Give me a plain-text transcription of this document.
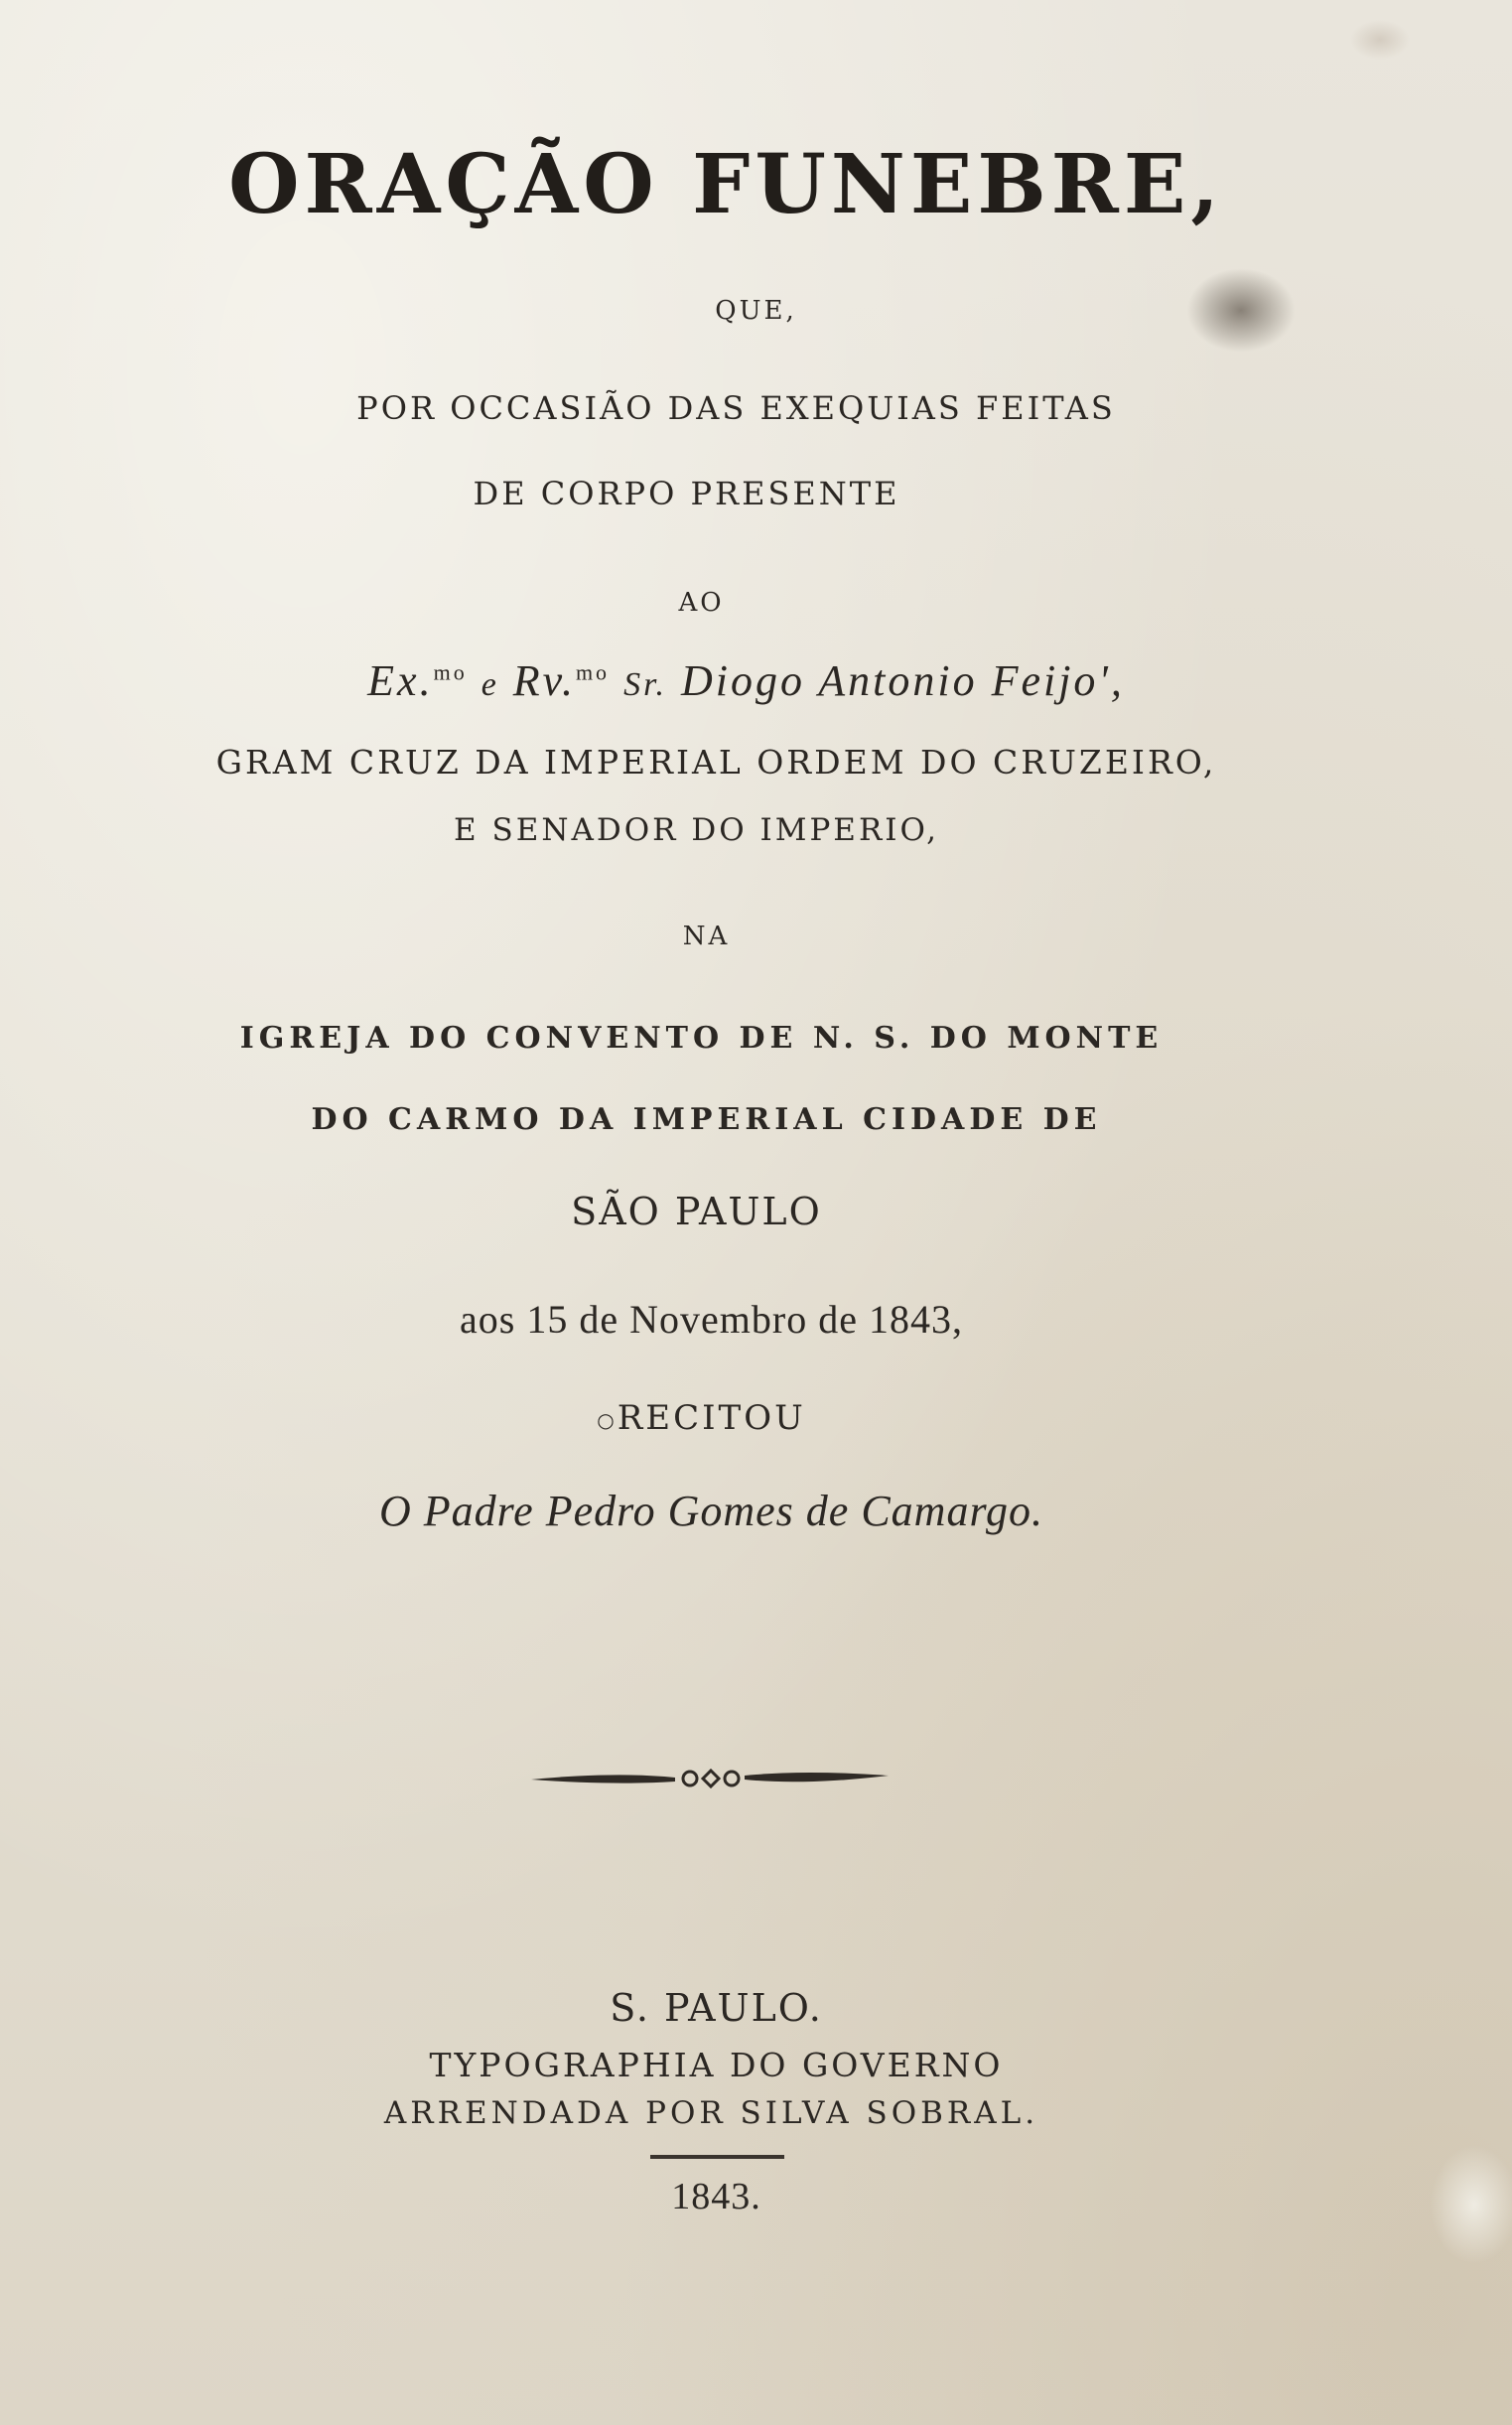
ORAÇÃO FUNEBRE,

QUE,

POR OCCASIÃO DAS EXEQUIAS FEITAS

DE CORPO PRESENTE

AO

Ex.$^{mo}$ e Rv.$^{mo}$ Sr. Diogo Antonio Feijo',

GRAM CRUZ DA IMPERIAL ORDEM DO CRUZEIRO,

E SENADOR DO IMPERIO,

NA

IGREJA DO CONVENTO DE N. S. DO MONTE

DO CARMO DA IMPERIAL CIDADE DE

SÃO PAULO

aos 15 de Novembro de 1843,

○RECITOU

O Padre Pedro Gomes de Camargo.

S. PAULO.

TYPOGRAPHIA DO GOVERNO

ARRENDADA POR SILVA SOBRAL.

1843.
